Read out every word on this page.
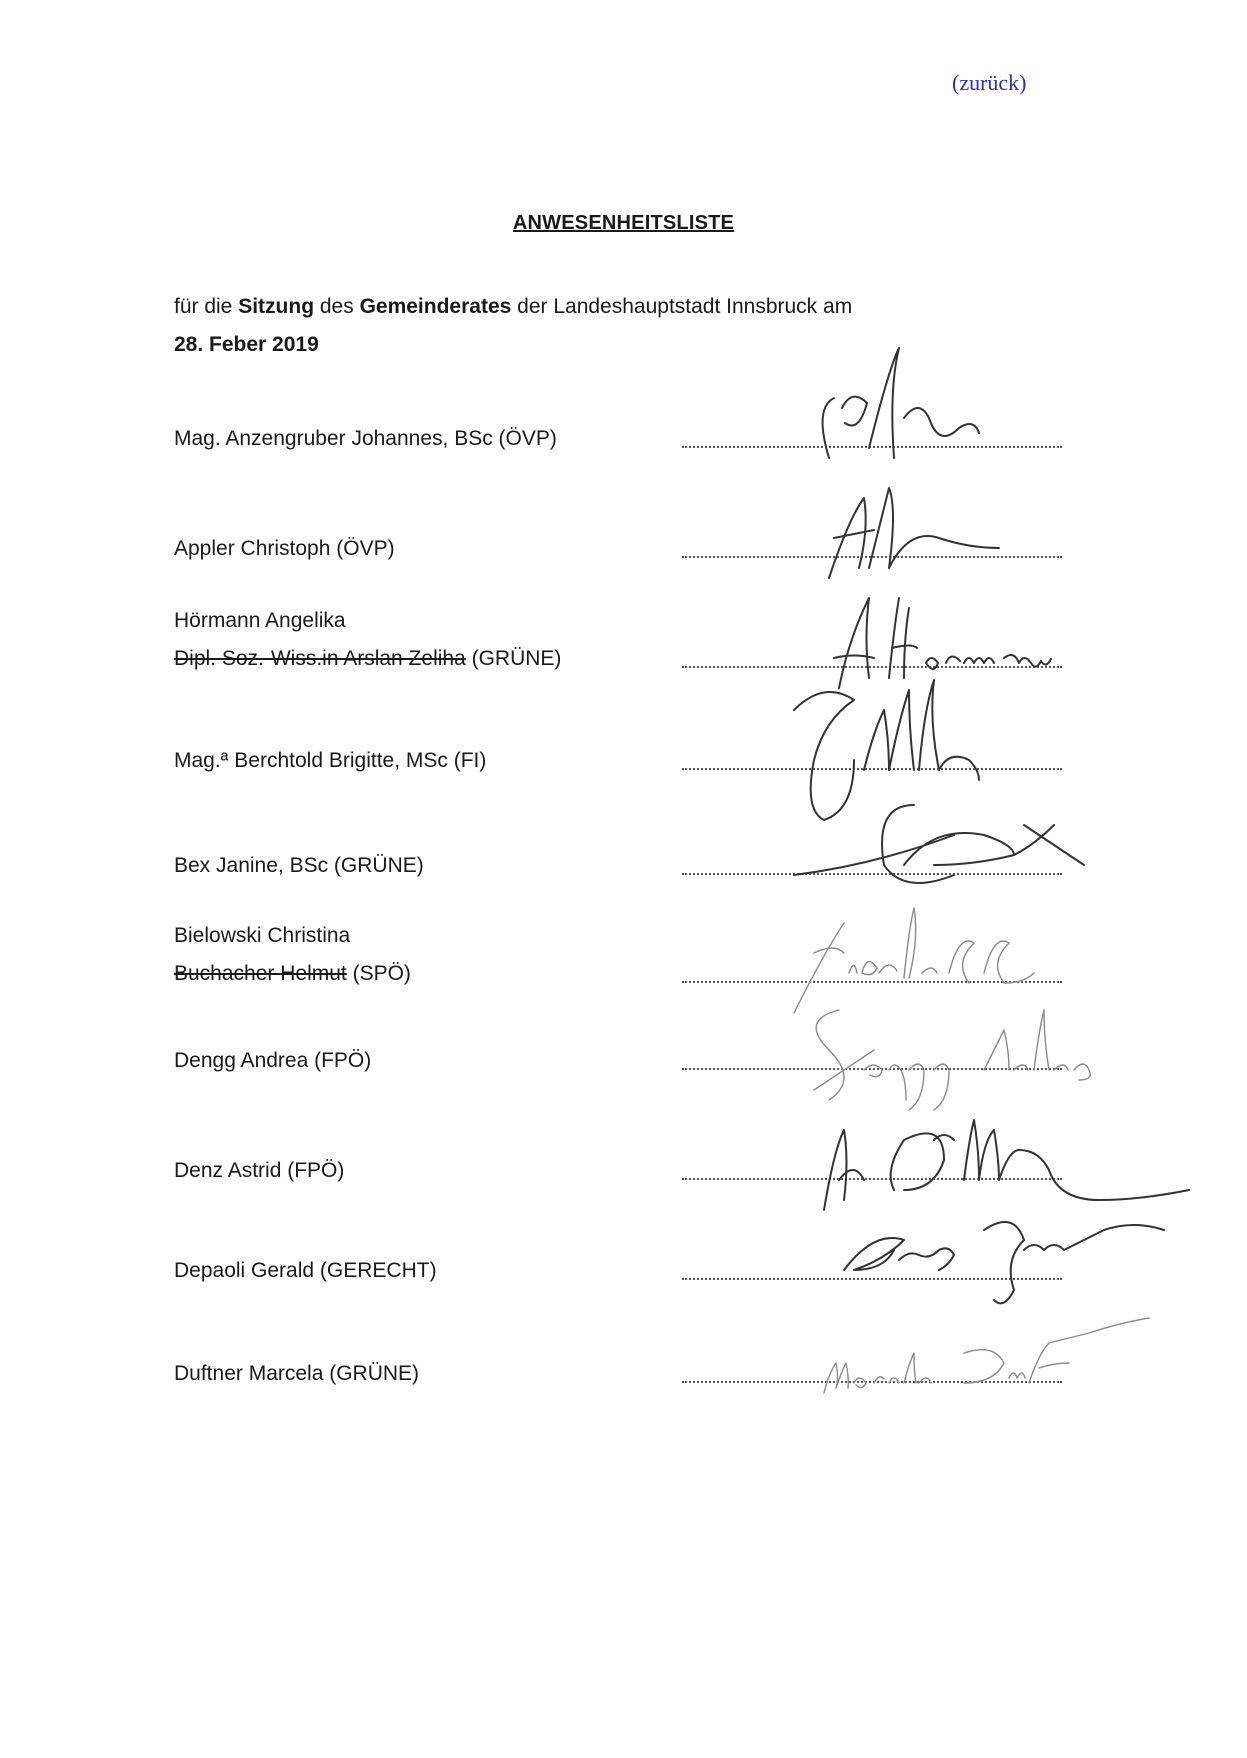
(zurück)
ANWESENHEITSLISTE

für die Sitzung des Gemeinderates der Landeshauptstadt Innsbruck am
28. Feber 2019

Mag. Anzengruber Johannes, BSc (ÖVP)
Appler Christoph (ÖVP)
Hörmann Angelika
Dipl. Soz.-Wiss.in Arslan Zeliha (GRÜNE)
Mag.ª Berchtold Brigitte, MSc (FI)
Bex Janine, BSc (GRÜNE)
Bielowski Christina
Buchacher Helmut (SPÖ)
Dengg Andrea (FPÖ)
Denz Astrid (FPÖ)
Depaoli Gerald (GERECHT)
Duftner Marcela (GRÜNE)
